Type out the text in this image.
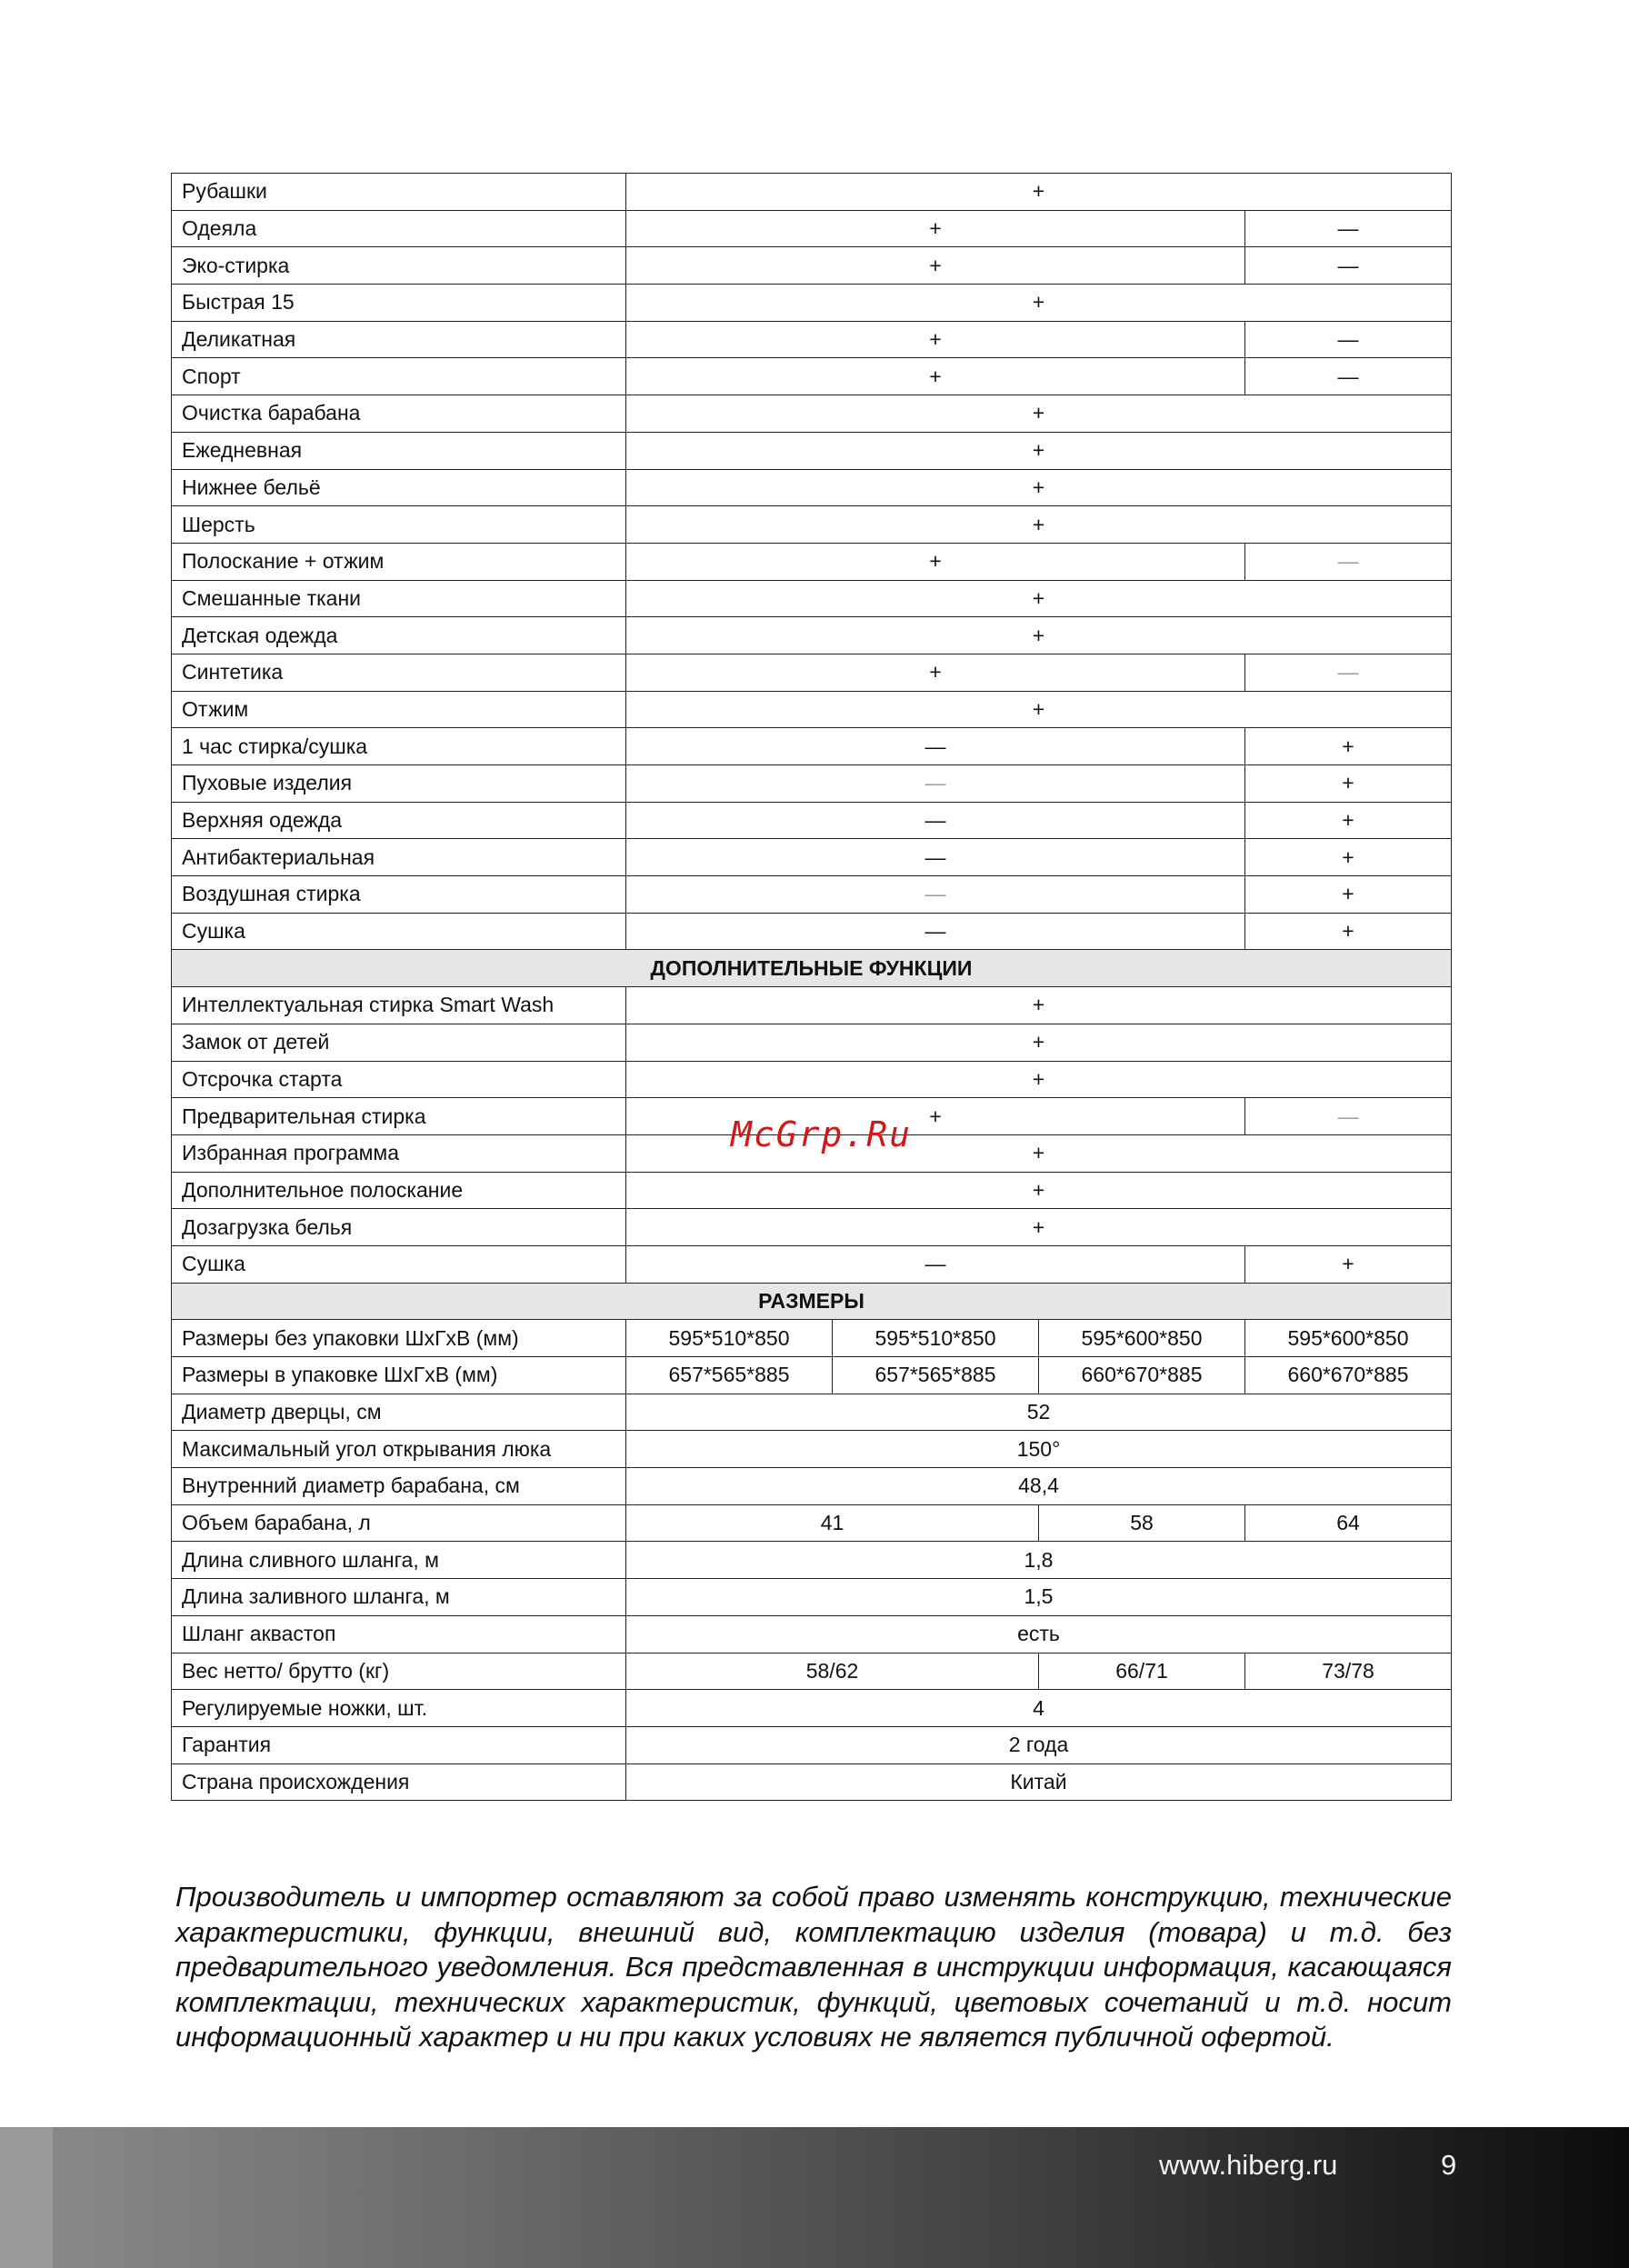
Рубашки	+
Одеяла	+	—
Эко-стирка	+	—
Быстрая 15	+
Деликатная	+	—
Спорт	+	—
Очистка барабана	+
Ежедневная	+
Нижнее бельё	+
Шерсть	+
Полоскание + отжим	+	—
Смешанные ткани	+
Детская одежда	+
Синтетика	+	—
Отжим	+
1 час стирка/сушка	—	+
Пуховые изделия	—	+
Верхняя одежда	—	+
Антибактериальная	—	+
Воздушная стирка	—	+
Сушка	—	+
ДОПОЛНИТЕЛЬНЫЕ ФУНКЦИИ
Интеллектуальная стирка Smart Wash	+
Замок от детей	+
Отсрочка старта	+
Предварительная стирка	+	—
Избранная программа	+
Дополнительное полоскание	+
Дозагрузка белья	+
Сушка	—	+
РАЗМЕРЫ
Размеры без упаковки ШхГхВ (мм)	595*510*850	595*510*850	595*600*850	595*600*850
Размеры в упаковке ШхГхВ (мм)	657*565*885	657*565*885	660*670*885	660*670*885
Диаметр дверцы, см	52
Максимальный угол открывания люка	150°
Внутренний диаметр барабана, см	48,4
Объем барабана, л	41	58	64
Длина сливного шланга, м	1,8
Длина заливного шланга, м	1,5
Шланг аквастоп	есть
Вес нетто/ брутто (кг)	58/62	66/71	73/78
Регулируемые ножки, шт.	4
Гарантия	2 года
Страна происхождения	Китай
McGrp.Ru

Производитель и импортер оставляют за собой право изменять конструкцию, технические характеристики, функции, внешний вид, комплектацию изделия (товара) и т.д. без предварительного уведомления. Вся представленная в инструкции информация, касающаяся комплектации, технических характеристик, функций, цветовых сочетаний и т.д. носит информационный характер и ни при каких условиях не является публичной офертой.

www.hiberg.ru	9
